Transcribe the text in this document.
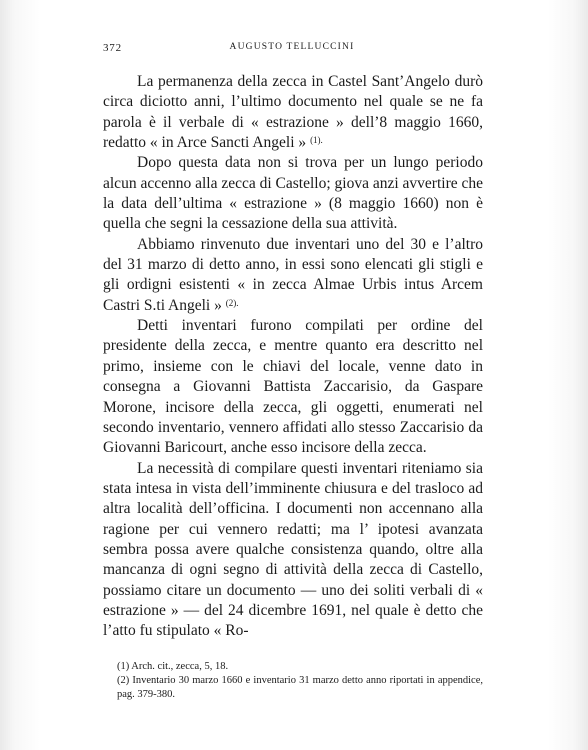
372	AUGUSTO TELLUCCINI

La permanenza della zecca in Castel Sant’Angelo durò circa diciotto anni, l’ultimo documento nel quale se ne fa parola è il verbale di « estrazione » dell’8 maggio 1660, redatto « in Arce Sancti Angeli » $^{(1).}$

Dopo questa data non si trova per un lungo periodo alcun accenno alla zecca di Castello; giova anzi avvertire che la data dell’ultima « estrazione » (8 maggio 1660) non è quella che segni la cessazione della sua attività.

Abbiamo rinvenuto due inventari uno del 30 e l’altro del 31 marzo di detto anno, in essi sono elencati gli stigli e gli ordigni esistenti « in zecca Almae Urbis intus Arcem Castri S.ti Angeli » $^{(2).}$

Detti inventari furono compilati per ordine del presidente della zecca, e mentre quanto era descritto nel primo, insieme con le chiavi del locale, venne dato in consegna a Giovanni Battista Zaccarisio, da Gaspare Morone, incisore della zecca, gli oggetti, enumerati nel secondo inventario, vennero affidati allo stesso Zaccarisio da Giovanni Baricourt, anche esso incisore della zecca.

La necessità di compilare questi inventari riteniamo sia stata intesa in vista dell’imminente chiusura e del trasloco ad altra località dell’officina. I documenti non accennano alla ragione per cui vennero redatti; ma l’ ipotesi avanzata sembra possa avere qualche consistenza quando, oltre alla mancanza di ogni segno di attività della zecca di Castello, possiamo citare un documento — uno dei soliti verbali di « estrazione » — del 24 dicembre 1691, nel quale è detto che l’atto fu stipulato « Ro-

(1) Arch. cit., zecca, 5, 18.

(2) Inventario 30 marzo 1660 e inventario 31 marzo detto anno riportati in appendice, pag. 379-380.
